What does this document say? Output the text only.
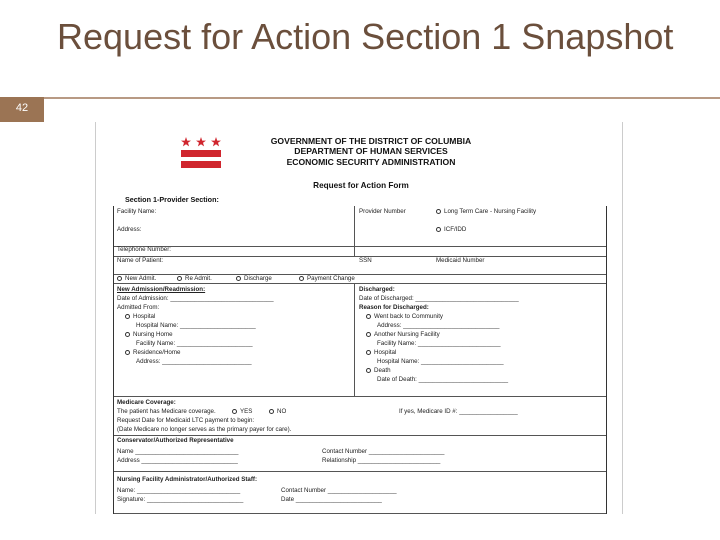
42
Request for Action Section 1 Snapshot
GOVERNMENT OF THE DISTRICT OF COLUMBIA
DEPARTMENT OF HUMAN SERVICES
ECONOMIC SECURITY ADMINISTRATION
Request for Action Form
Section 1-Provider Section:
Facility Name:	Provider Number	Long Term Care - Nursing Facility
Address:	ICF/IDD
Telephone Number:
Name of Patient:	SSN	Medicaid Number
New Admit.	Re Admit.	Discharge	Payment Change
New Admission/Readmission:
Date of Admission: ______________________________
Admitted From:
Hospital
Hospital Name: ______________________
Nursing Home
Facility Name: ______________________
Residence/Home
Address: __________________________
Discharged:
Date of Discharged: ______________________________
Reason for Discharged:
Went back to Community
Address: ____________________________
Another Nursing Facility
Facility Name: ________________________
Hospital
Hospital Name: ________________________
Death
Date of Death: __________________________
Medicare Coverage:
The patient has Medicare coverage.	YES	NO	If yes, Medicare ID #: _________________
Request Date for Medicaid LTC payment to begin:
(Date Medicare no longer serves as the primary payer for care).
Conservator/Authorized Representative
Name ______________________________	Contact Number ______________________
Address ____________________________	Relationship ________________________
Nursing Facility Administrator/Authorized Staff:
Name: ______________________________	Contact Number ____________________
Signature: ____________________________	Date _________________________
